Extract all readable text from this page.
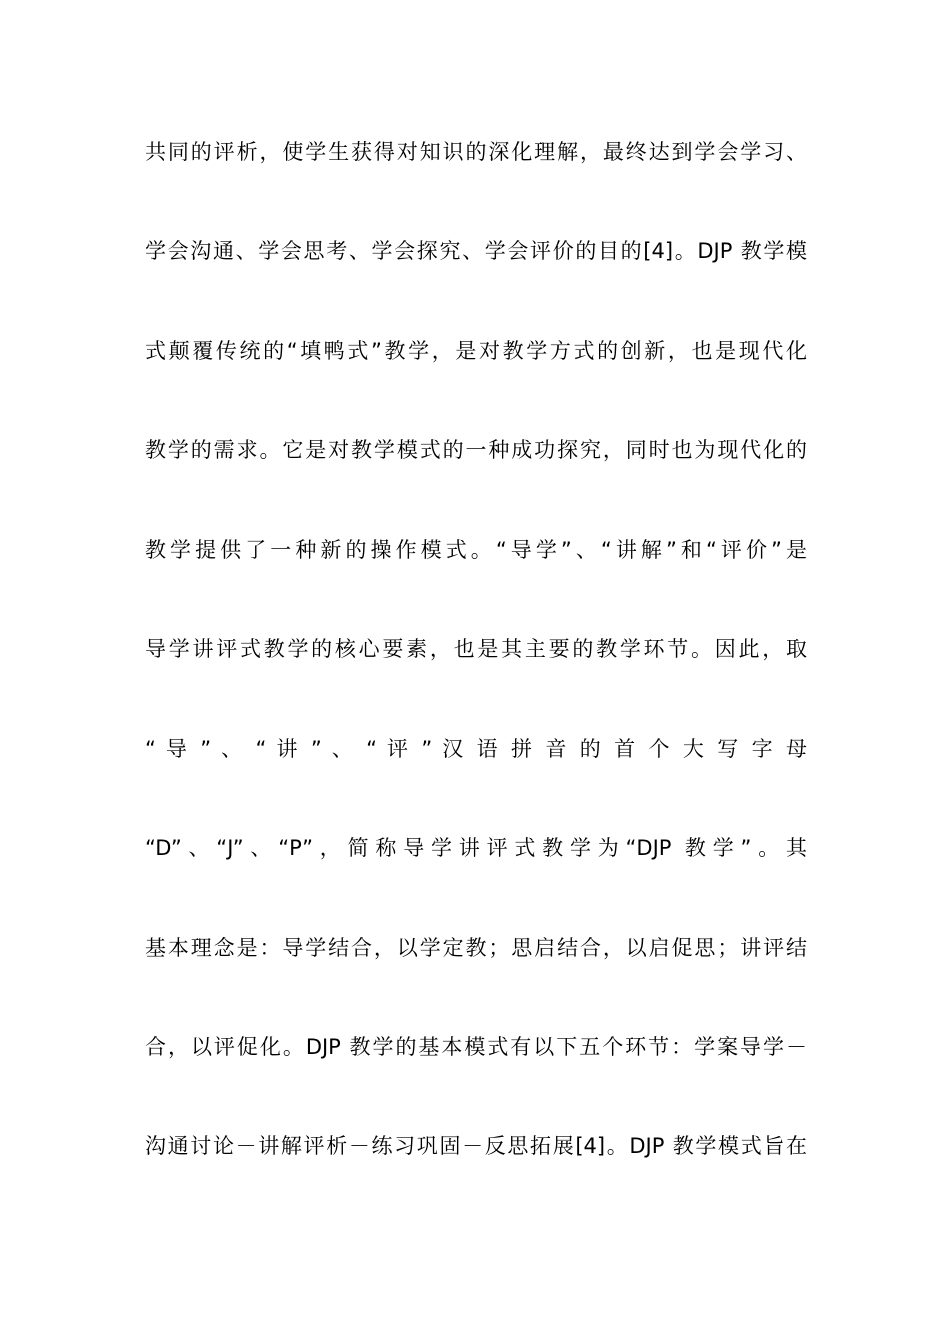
共同的评析，使学生获得对知识的深化理解，最终达到学会学习、
学会沟通、学会思考、学会探究、学会评价的目的[4]。DJP 教学模
式颠覆传统的“填鸭式”教学，是对教学方式的创新，也是现代化
教学的需求。它是对教学模式的一种成功探究，同时也为现代化的
教学提供了一种新的操作模式。“导学”、“讲解”和“评价”是
导学讲评式教学的核心要素，也是其主要的教学环节。因此，取
“ 导 ” 、 “ 讲 ” 、 “ 评 ” 汉 语 拼 音 的 首 个 大 写 字 母
“D”、“J”、“P”，简称导学讲评式教学为“DJP 教学”。其
基本理念是：导学结合，以学定教；思启结合，以启促思；讲评结
合，以评促化。DJP 教学的基本模式有以下五个环节：学案导学－
沟通讨论－讲解评析－练习巩固－反思拓展[4]。DJP 教学模式旨在
